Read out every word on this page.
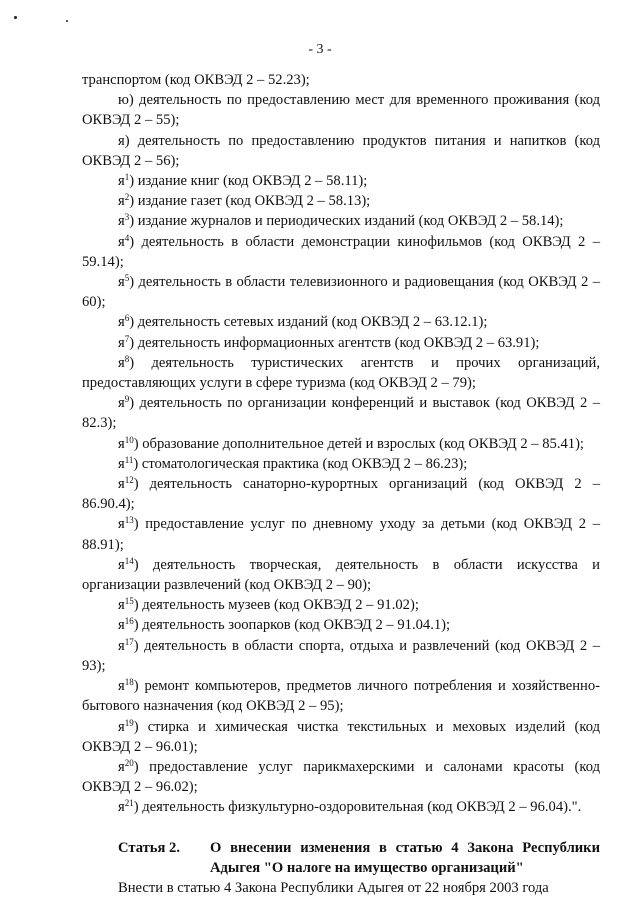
- 3 -

транспортом (код ОКВЭД 2 – 52.23);

ю) деятельность по предоставлению мест для временного проживания (код ОКВЭД 2 – 55);

я) деятельность по предоставлению продуктов питания и напитков (код ОКВЭД 2 – 56);

$я^1$) издание книг (код ОКВЭД 2 – 58.11);

$я^2$) издание газет (код ОКВЭД 2 – 58.13);

$я^3$) издание журналов и периодических изданий (код ОКВЭД 2 – 58.14);

$я^4$) деятельность в области демонстрации кинофильмов (код ОКВЭД 2 – 59.14);

$я^5$) деятельность в области телевизионного и радиовещания (код ОКВЭД 2 – 60);

$я^6$) деятельность сетевых изданий (код ОКВЭД 2 – 63.12.1);

$я^7$) деятельность информационных агентств (код ОКВЭД 2 – 63.91);

$я^8$) деятельность туристических агентств и прочих организаций, предоставляющих услуги в сфере туризма (код ОКВЭД 2 – 79);

$я^9$) деятельность по организации конференций и выставок (код ОКВЭД 2 – 82.3);

$я^{10}$) образование дополнительное детей и взрослых (код ОКВЭД 2 – 85.41);

$я^{11}$) стоматологическая практика (код ОКВЭД 2 – 86.23);

$я^{12}$) деятельность санаторно-курортных организаций (код ОКВЭД 2 – 86.90.4);

$я^{13}$) предоставление услуг по дневному уходу за детьми (код ОКВЭД 2 – 88.91);

$я^{14}$) деятельность творческая, деятельность в области искусства и организации развлечений (код ОКВЭД 2 – 90);

$я^{15}$) деятельность музеев (код ОКВЭД 2 – 91.02);

$я^{16}$) деятельность зоопарков (код ОКВЭД 2 – 91.04.1);

$я^{17}$) деятельность в области спорта, отдыха и развлечений (код ОКВЭД 2 – 93);

$я^{18}$) ремонт компьютеров, предметов личного потребления и хозяйственно-бытового назначения (код ОКВЭД 2 – 95);

$я^{19}$) стирка и химическая чистка текстильных и меховых изделий (код ОКВЭД 2 – 96.01);

$я^{20}$) предоставление услуг парикмахерскими и салонами красоты (код ОКВЭД 2 – 96.02);

$я^{21}$) деятельность физкультурно-оздоровительная (код ОКВЭД 2 – 96.04).".

Статья 2.	О внесении изменения в статью 4 Закона Республики Адыгея "О налоге на имущество организаций"

Внести в статью 4 Закона Республики Адыгея от 22 ноября 2003 года
